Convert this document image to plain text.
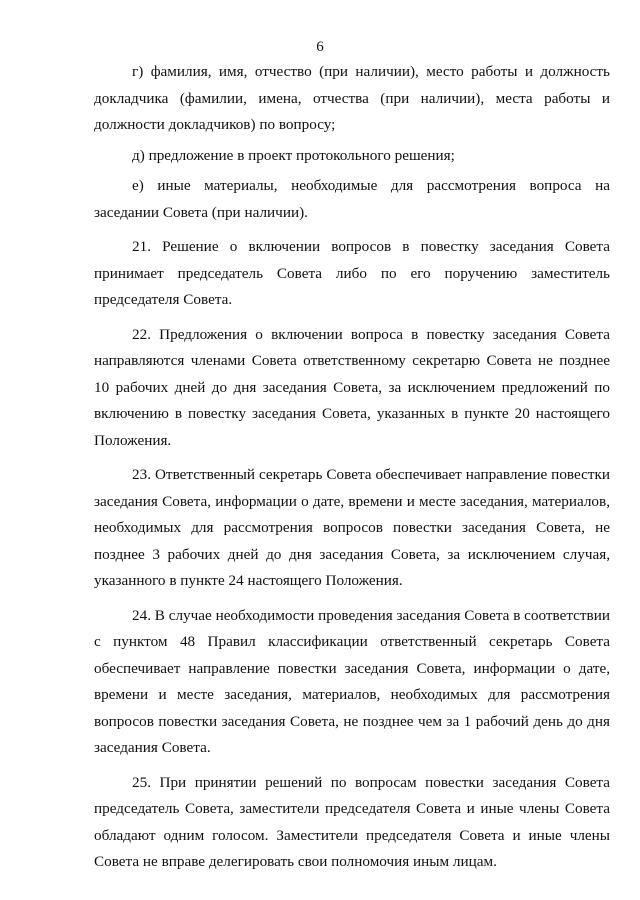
6

г) фамилия, имя, отчество (при наличии), место работы и должность докладчика (фамилии, имена, отчества (при наличии), места работы и должности докладчиков) по вопросу;

д) предложение в проект протокольного решения;

е) иные материалы, необходимые для рассмотрения вопроса на заседании Совета (при наличии).

21. Решение о включении вопросов в повестку заседания Совета принимает председатель Совета либо по его поручению заместитель председателя Совета.

22. Предложения о включении вопроса в повестку заседания Совета направляются членами Совета ответственному секретарю Совета не позднее 10 рабочих дней до дня заседания Совета, за исключением предложений по включению в повестку заседания Совета, указанных в пункте 20 настоящего Положения.

23. Ответственный секретарь Совета обеспечивает направление повестки заседания Совета, информации о дате, времени и месте заседания, материалов, необходимых для рассмотрения вопросов повестки заседания Совета, не позднее 3 рабочих дней до дня заседания Совета, за исключением случая, указанного в пункте 24 настоящего Положения.

24. В случае необходимости проведения заседания Совета в соответствии с пунктом 48 Правил классификации ответственный секретарь Совета обеспечивает направление повестки заседания Совета, информации о дате, времени и месте заседания, материалов, необходимых для рассмотрения вопросов повестки заседания Совета, не позднее чем за 1 рабочий день до дня заседания Совета.

25. При принятии решений по вопросам повестки заседания Совета председатель Совета, заместители председателя Совета и иные члены Совета обладают одним голосом. Заместители председателя Совета и иные члены Совета не вправе делегировать свои полномочия иным лицам.
